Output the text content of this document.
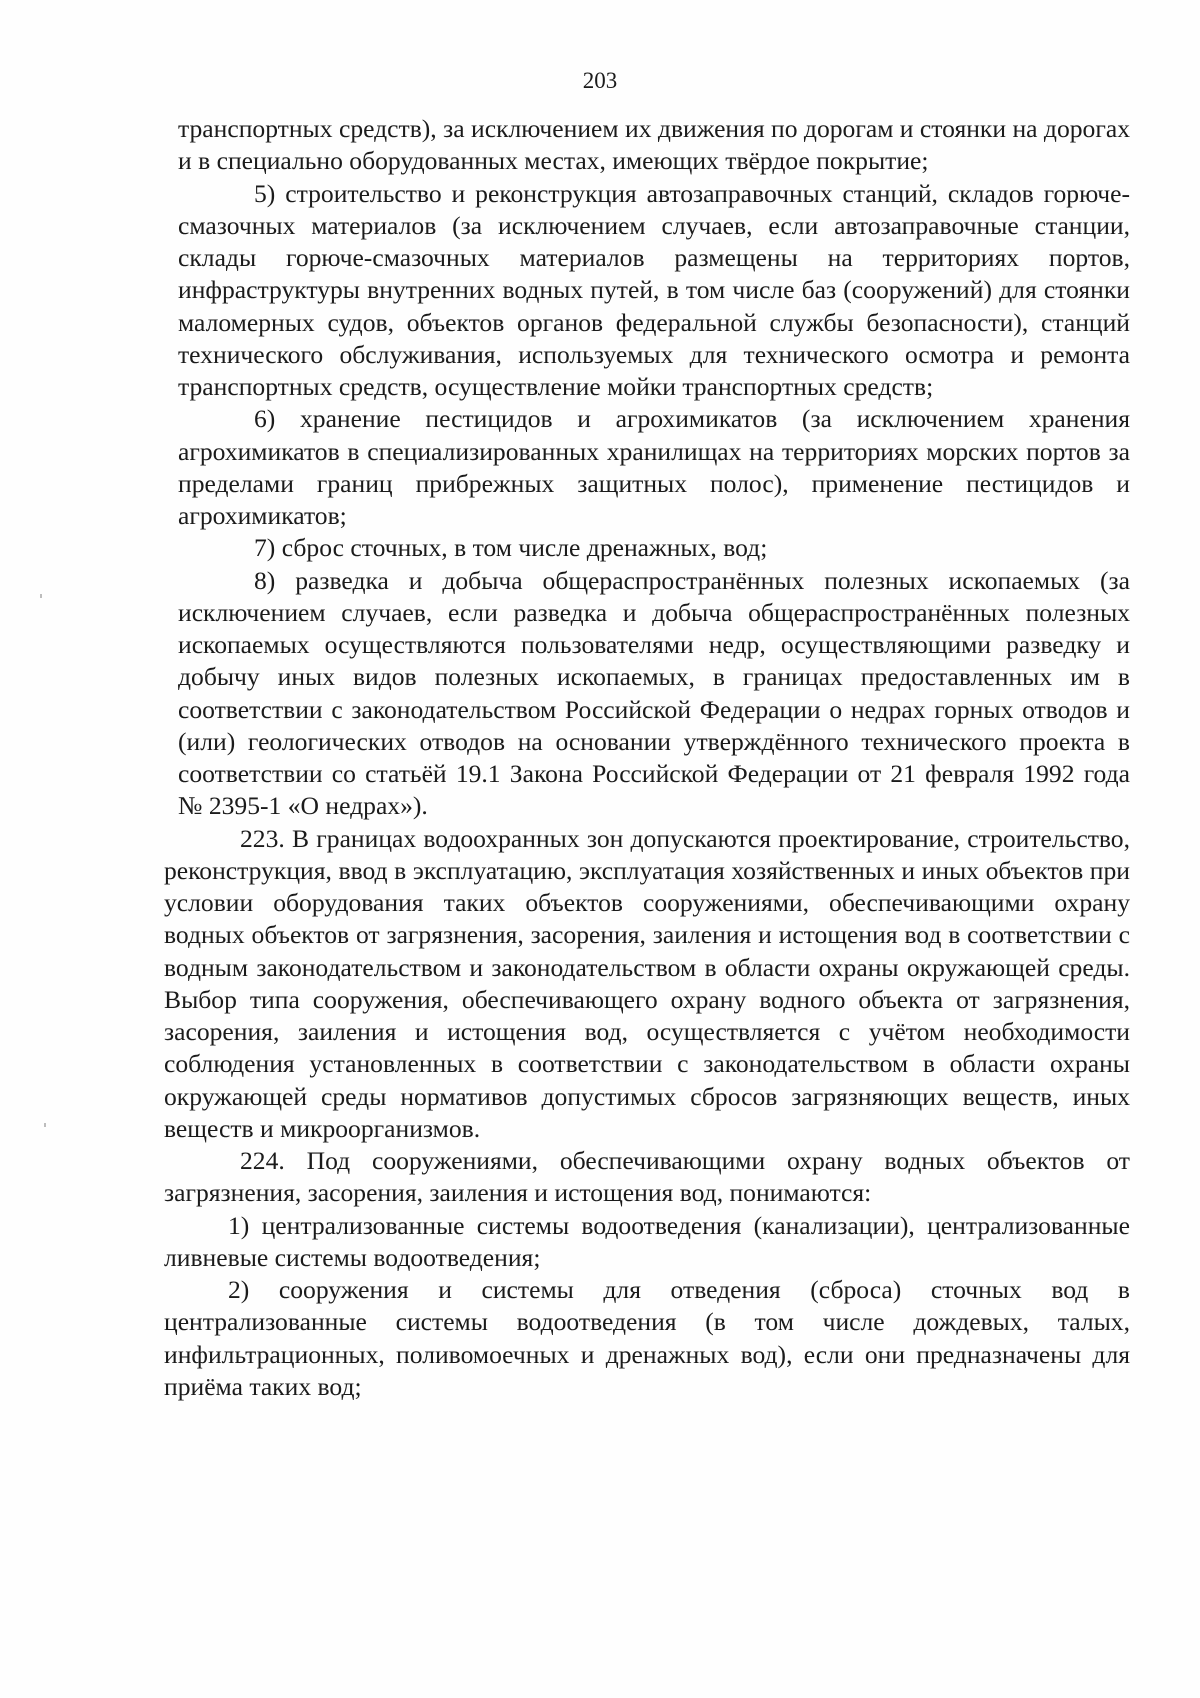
203

транспортных средств), за исключением их движения по дорогам и стоянки на дорогах и в специально оборудованных местах, имеющих твёрдое покрытие;

5) строительство и реконструкция автозаправочных станций, складов горюче-смазочных материалов (за исключением случаев, если автозаправочные станции, склады горюче-смазочных материалов размещены на территориях портов, инфраструктуры внутренних водных путей, в том числе баз (сооружений) для стоянки маломерных судов, объектов органов федеральной службы безопасности), станций технического обслуживания, используемых для технического осмотра и ремонта транспортных средств, осуществление мойки транспортных средств;

6) хранение пестицидов и агрохимикатов (за исключением хранения агрохимикатов в специализированных хранилищах на территориях морских портов за пределами границ прибрежных защитных полос), применение пестицидов и агрохимикатов;

7) сброс сточных, в том числе дренажных, вод;

8) разведка и добыча общераспространённых полезных ископаемых (за исключением случаев, если разведка и добыча общераспространённых полезных ископаемых осуществляются пользователями недр, осуществляющими разведку и добычу иных видов полезных ископаемых, в границах предоставленных им в соответствии с законодательством Российской Федерации о недрах горных отводов и (или) геологических отводов на основании утверждённого технического проекта в соответствии со статьёй 19.1 Закона Российской Федерации от 21 февраля 1992 года № 2395-1 «О недрах»).

223. В границах водоохранных зон допускаются проектирование, строительство, реконструкция, ввод в эксплуатацию, эксплуатация хозяйственных и иных объектов при условии оборудования таких объектов сооружениями, обеспечивающими охрану водных объектов от загрязнения, засорения, заиления и истощения вод в соответствии с водным законодательством и законодательством в области охраны окружающей среды. Выбор типа сооружения, обеспечивающего охрану водного объекта от загрязнения, засорения, заиления и истощения вод, осуществляется с учётом необходимости соблюдения установленных в соответствии с законодательством в области охраны окружающей среды нормативов допустимых сбросов загрязняющих веществ, иных веществ и микроорганизмов.

224. Под сооружениями, обеспечивающими охрану водных объектов от загрязнения, засорения, заиления и истощения вод, понимаются:

1) централизованные системы водоотведения (канализации), централизованные ливневые системы водоотведения;

2) сооружения и системы для отведения (сброса) сточных вод в централизованные системы водоотведения (в том числе дождевых, талых, инфильтрационных, поливомоечных и дренажных вод), если они предназначены для приёма таких вод;
